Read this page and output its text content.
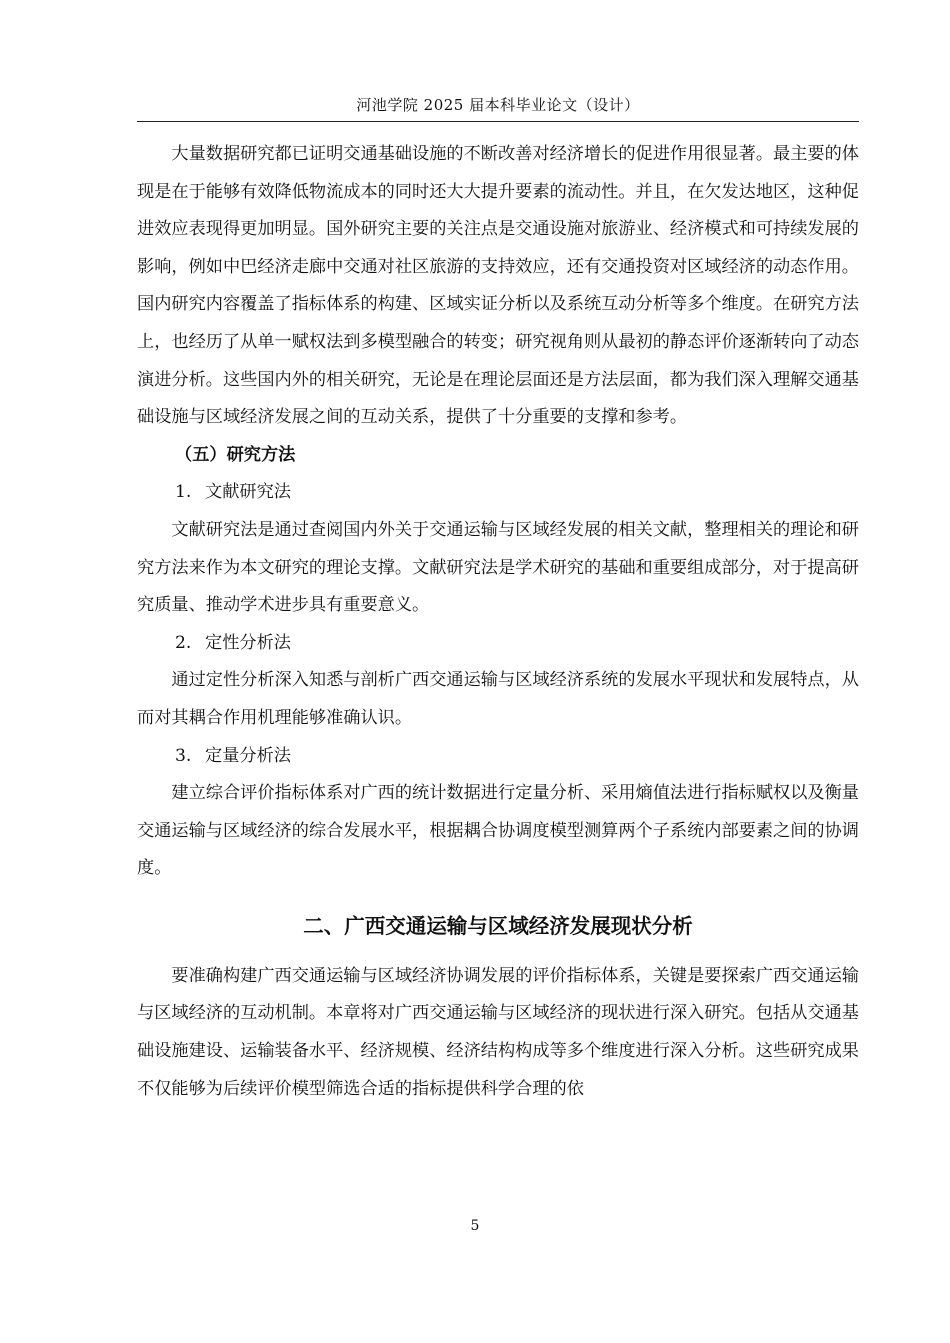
河池学院 2025 届本科毕业论文（设计）

大量数据研究都已证明交通基础设施的不断改善对经济增长的促进作用很显著。最主要的体现是在于能够有效降低物流成本的同时还大大提升要素的流动性。并且，在欠发达地区，这种促进效应表现得更加明显。国外研究主要的关注点是交通设施对旅游业、经济模式和可持续发展的影响，例如中巴经济走廊中交通对社区旅游的支持效应，还有交通投资对区域经济的动态作用。国内研究内容覆盖了指标体系的构建、区域实证分析以及系统互动分析等多个维度。在研究方法上，也经历了从单一赋权法到多模型融合的转变；研究视角则从最初的静态评价逐渐转向了动态演进分析。这些国内外的相关研究，无论是在理论层面还是方法层面，都为我们深入理解交通基础设施与区域经济发展之间的互动关系，提供了十分重要的支撑和参考。

（五）研究方法

1. 文献研究法

文献研究法是通过查阅国内外关于交通运输与区域经发展的相关文献，整理相关的理论和研究方法来作为本文研究的理论支撑。文献研究法是学术研究的基础和重要组成部分，对于提高研究质量、推动学术进步具有重要意义。

2. 定性分析法

通过定性分析深入知悉与剖析广西交通运输与区域经济系统的发展水平现状和发展特点，从而对其耦合作用机理能够准确认识。

3. 定量分析法

建立综合评价指标体系对广西的统计数据进行定量分析、采用熵值法进行指标赋权以及衡量交通运输与区域经济的综合发展水平，根据耦合协调度模型测算两个子系统内部要素之间的协调度。

二、广西交通运输与区域经济发展现状分析

要准确构建广西交通运输与区域经济协调发展的评价指标体系，关键是要探索广西交通运输与区域经济的互动机制。本章将对广西交通运输与区域经济的现状进行深入研究。包括从交通基础设施建设、运输装备水平、经济规模、经济结构构成等多个维度进行深入分析。这些研究成果不仅能够为后续评价模型筛选合适的指标提供科学合理的依

5
